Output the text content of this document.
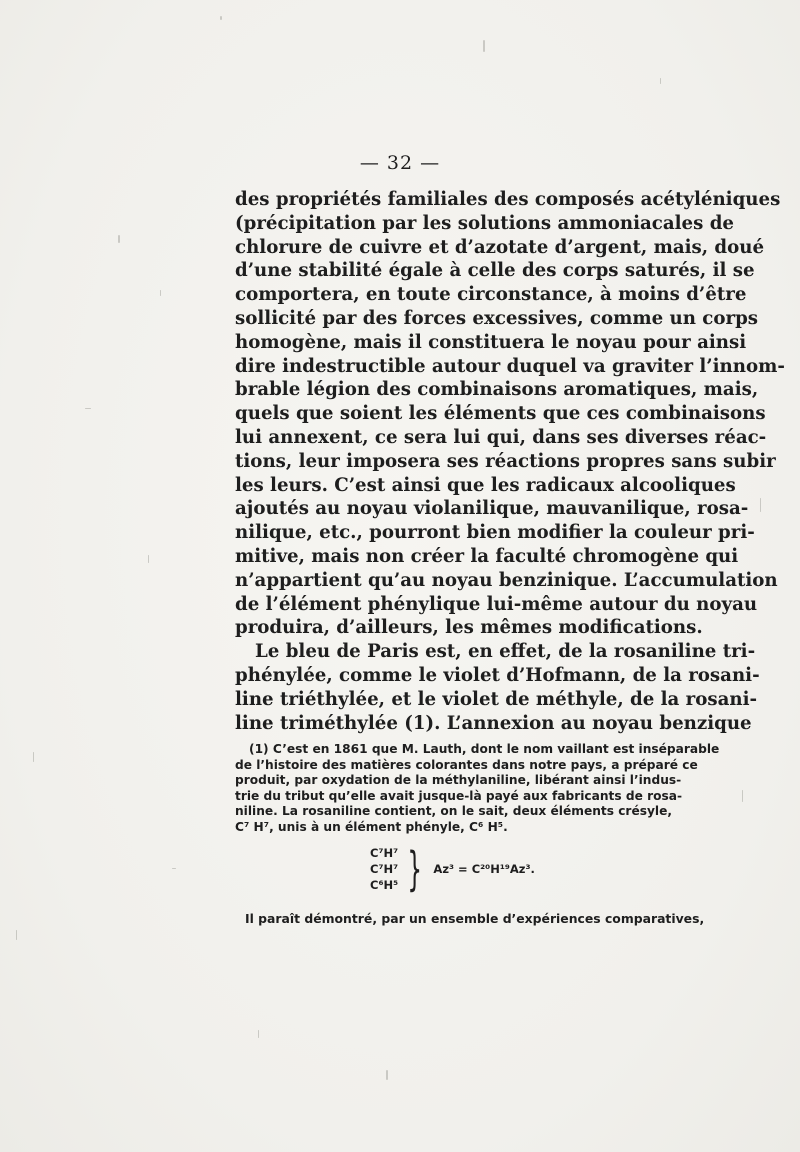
— 32 —
des propriétés familiales des composés acétyléniques
(précipitation par les solutions ammoniacales de
chlorure de cuivre et d’azotate d’argent, mais, doué
d’une stabilité égale à celle des corps saturés, il se
comportera, en toute circonstance, à moins d’être
sollicité par des forces excessives, comme un corps
homogène, mais il constituera le noyau pour ainsi
dire indestructible autour duquel va graviter l’innom-
brable légion des combinaisons aromatiques, mais,
quels que soient les éléments que ces combinaisons
lui annexent, ce sera lui qui, dans ses diverses réac-
tions, leur imposera ses réactions propres sans subir
les leurs. C’est ainsi que les radicaux alcooliques
ajoutés au noyau violanilique, mauvanilique, rosa-
nilique, etc., pourront bien modifier la couleur pri-
mitive, mais non créer la faculté chromogène qui
n’appartient qu’au noyau benzinique. L’accumulation
de l’élément phénylique lui-même autour du noyau
produira, d’ailleurs, les mêmes modifications.
Le bleu de Paris est, en effet, de la rosaniline tri-
phénylée, comme le violet d’Hofmann, de la rosani-
line triéthylée, et le violet de méthyle, de la rosani-
line triméthylée (1). L’annexion au noyau benzique
(1) C’est en 1861 que M. Lauth, dont le nom vaillant est inséparable
de l’histoire des matières colorantes dans notre pays, a préparé ce
produit, par oxydation de la méthylaniline, libérant ainsi l’indus-
trie du tribut qu’elle avait jusque-là payé aux fabricants de rosa-
niline. La rosaniline contient, on le sait, deux éléments crésyle,
C⁷ H⁷, unis à un élément phényle, C⁶ H⁵.
C⁷H⁷
C⁷H⁷
C⁶H⁵ } Az³ = C²⁰H¹⁹Az³.
Il paraît démontré, par un ensemble d’expériences comparatives,
